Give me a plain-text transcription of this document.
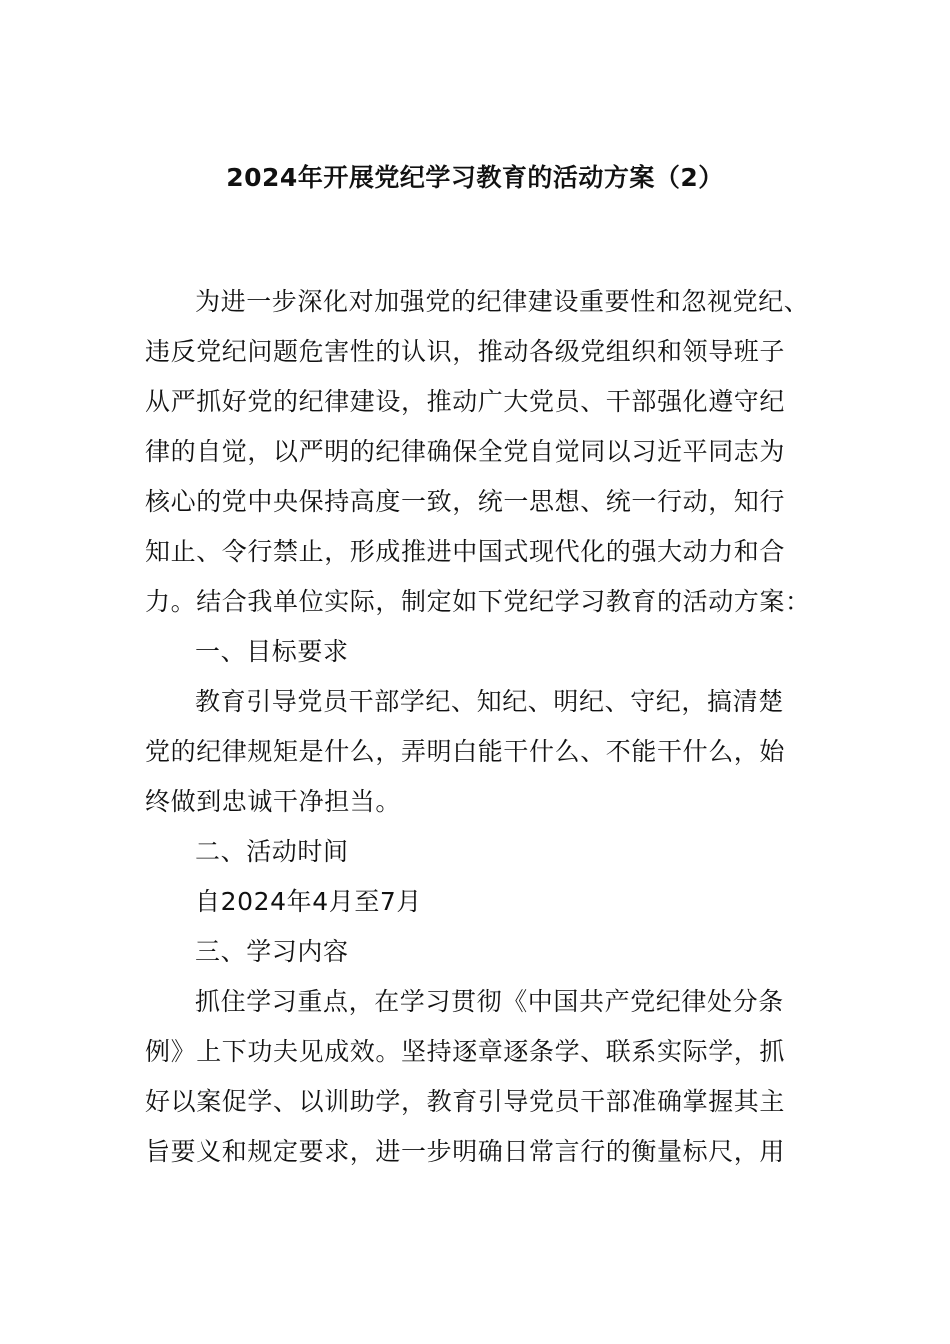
2024年开展党纪学习教育的活动方案（2）
为进一步深化对加强党的纪律建设重要性和忽视党纪、
违反党纪问题危害性的认识，推动各级党组织和领导班子
从严抓好党的纪律建设，推动广大党员、干部强化遵守纪
律的自觉，以严明的纪律确保全党自觉同以习近平同志为
核心的党中央保持高度一致，统一思想、统一行动，知行
知止、令行禁止，形成推进中国式现代化的强大动力和合
力。结合我单位实际，制定如下党纪学习教育的活动方案：
一、目标要求
教育引导党员干部学纪、知纪、明纪、守纪，搞清楚
党的纪律规矩是什么，弄明白能干什么、不能干什么，始
终做到忠诚干净担当。
二、活动时间
自2024年4月至7月
三、学习内容
抓住学习重点，在学习贯彻《中国共产党纪律处分条
例》上下功夫见成效。坚持逐章逐条学、联系实际学，抓
好以案促学、以训助学，教育引导党员干部准确掌握其主
旨要义和规定要求，进一步明确日常言行的衡量标尺，用
